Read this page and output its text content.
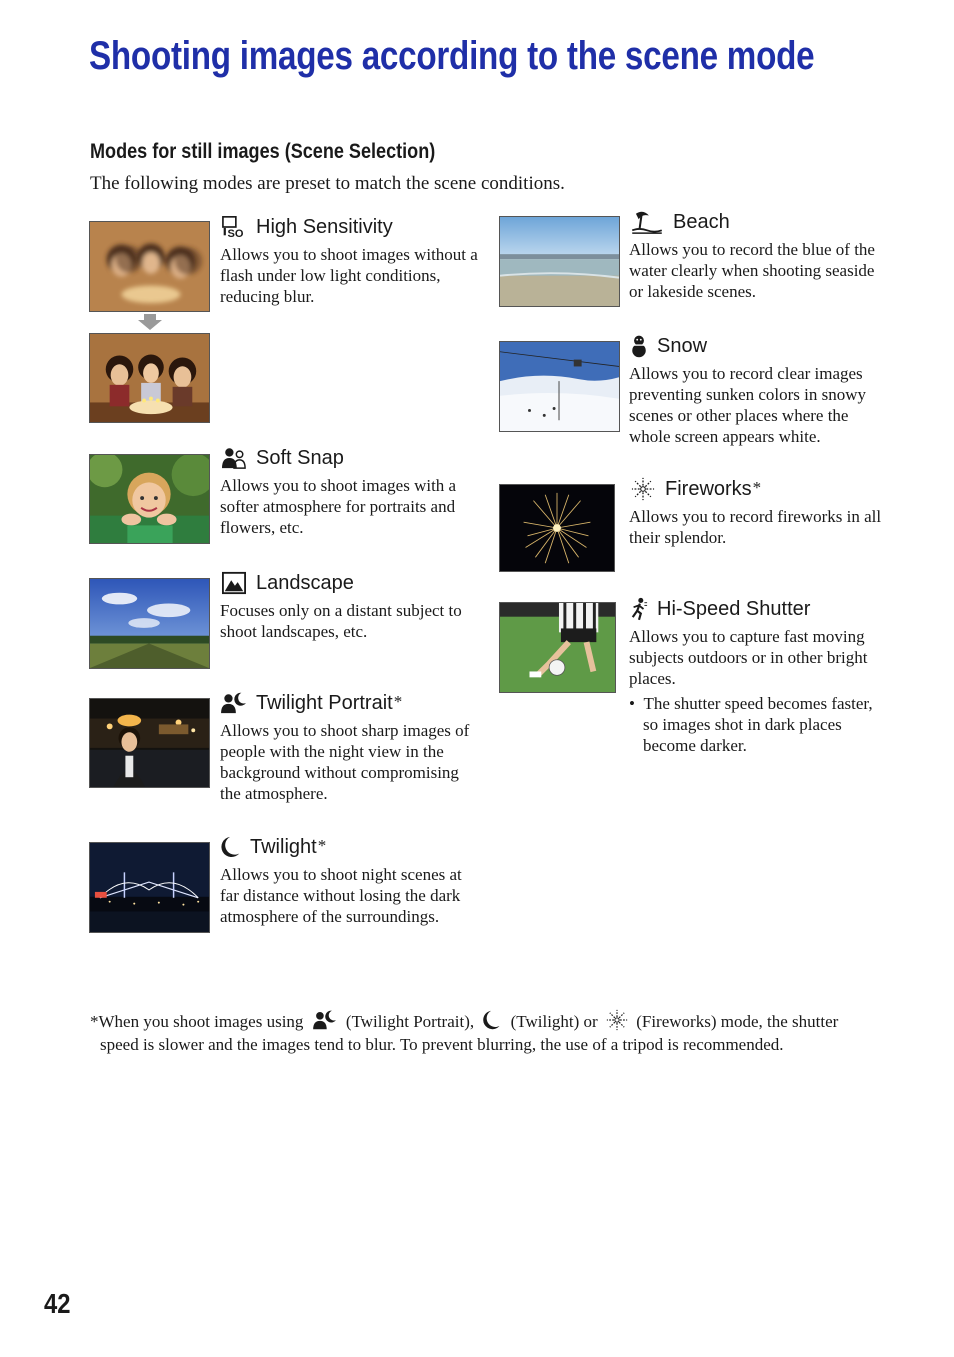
Shooting images according to the scene mode
Modes for still images (Scene Selection)
The following modes are preset to match the scene conditions.
SO High Sensitivity

Allows you to shoot images without a flash under low light conditions, reducing blur.

Soft Snap

Allows you to shoot images with a softer atmosphere for portraits and flowers, etc.

Landscape

Focuses only on a distant subject to shoot landscapes, etc.

Twilight Portrait*

Allows you to shoot sharp images of people with the night view in the background without compromising the atmosphere.

Twilight*

Allows you to shoot night scenes at far distance without losing the dark atmosphere of the surroundings.

Beach

Allows you to record the blue of the water clearly when shooting seaside or lakeside scenes.

Snow

Allows you to record clear images preventing sunken colors in snowy scenes or other places where the whole screen appears white.

Fireworks*

Allows you to record fireworks in all their splendor.

Hi-Speed Shutter

Allows you to capture fast moving subjects outdoors or in other bright places.

• The shutter speed becomes faster, so images shot in dark places become darker.

*When you shoot images using	(Twilight Portrait), (Twilight) or (Fireworks) mode, the shutter
speed is slower and the images tend to blur. To prevent blurring, the use of a tripod is recommended.
42
